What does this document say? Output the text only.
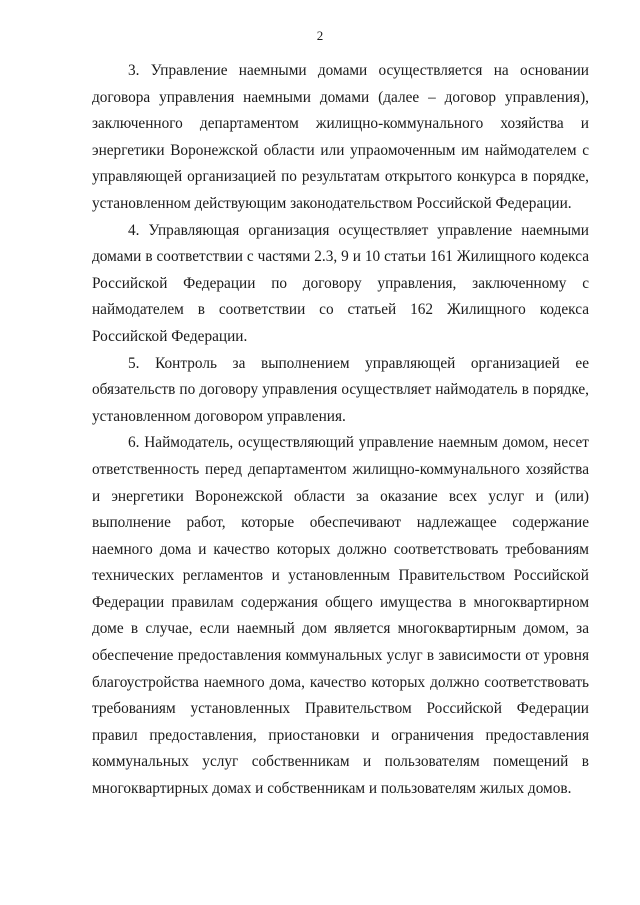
2

3. Управление наемными домами осуществляется на основании договора управления наемными домами (далее – договор управления), заключенного департаментом жилищно-коммунального хозяйства и энергетики Воронежской области или упраомоченным им наймодателем с управляющей организацией по результатам открытого конкурса в порядке, установленном действующим законодательством Российской Федерации.

4. Управляющая организация осуществляет управление наемными домами в соответствии с частями 2.3, 9 и 10 статьи 161 Жилищного кодекса Российской Федерации по договору управления, заключенному с наймодателем в соответствии со статьей 162 Жилищного кодекса Российской Федерации.

5. Контроль за выполнением управляющей организацией ее обязательств по договору управления осуществляет наймодатель в порядке, установленном договором управления.

6. Наймодатель, осуществляющий управление наемным домом, несет ответственность перед департаментом жилищно-коммунального хозяйства и энергетики Воронежской области за оказание всех услуг и (или) выполнение работ, которые обеспечивают надлежащее содержание наемного дома и качество которых должно соответствовать требованиям технических регламентов и установленным Правительством Российской Федерации правилам содержания общего имущества в многоквартирном доме в случае, если наемный дом является многоквартирным домом, за обеспечение предоставления коммунальных услуг в зависимости от уровня благоустройства наемного дома, качество которых должно соответствовать требованиям установленных Правительством Российской Федерации правил предоставления, приостановки и ограничения предоставления коммунальных услуг собственникам и пользователям помещений в многоквартирных домах и собственникам и пользователям жилых домов.
